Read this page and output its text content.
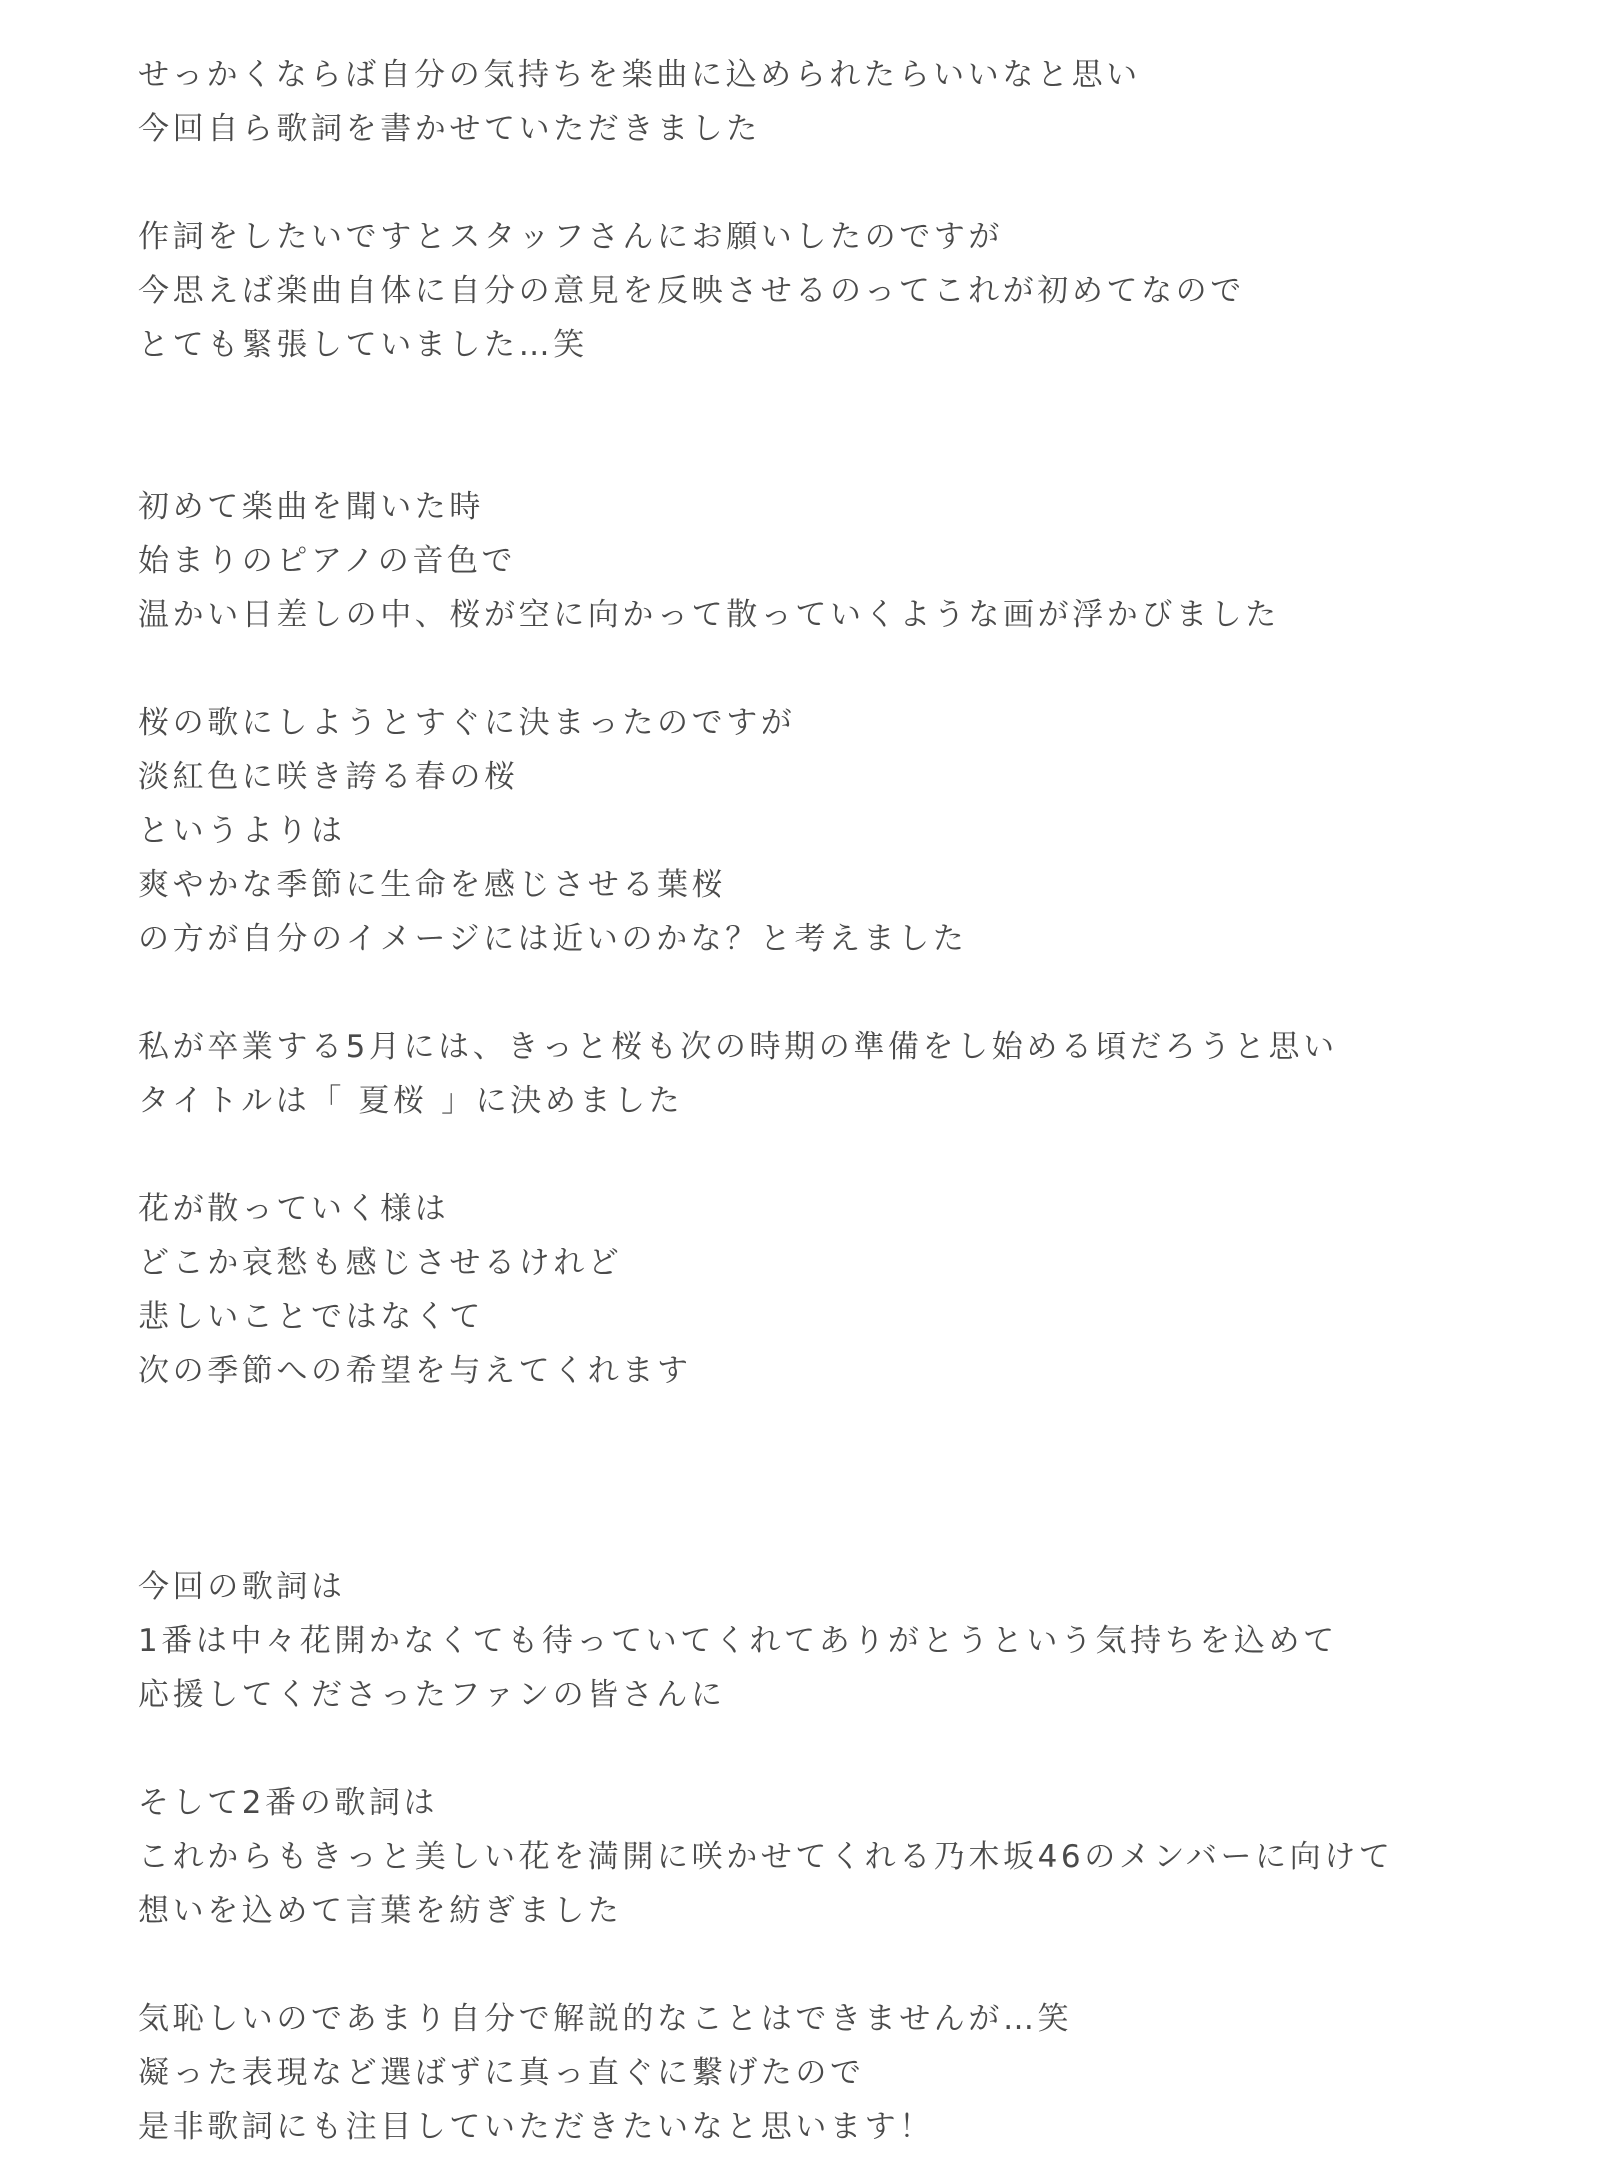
せっかくならば自分の気持ちを楽曲に込められたらいいなと思い
今回自ら歌詞を書かせていただきました
作詞をしたいですとスタッフさんにお願いしたのですが
今思えば楽曲自体に自分の意見を反映させるのってこれが初めてなので
とても緊張していました…笑
初めて楽曲を聞いた時
始まりのピアノの音色で
温かい日差しの中、桜が空に向かって散っていくような画が浮かびました
桜の歌にしようとすぐに決まったのですが
淡紅色に咲き誇る春の桜
というよりは
爽やかな季節に生命を感じさせる葉桜
の方が自分のイメージには近いのかな？と考えました
私が卒業する5月には、きっと桜も次の時期の準備をし始める頃だろうと思い
タイトルは「 夏桜 」に決めました
花が散っていく様は
どこか哀愁も感じさせるけれど
悲しいことではなくて
次の季節への希望を与えてくれます
今回の歌詞は
1番は中々花開かなくても待っていてくれてありがとうという気持ちを込めて
応援してくださったファンの皆さんに
そして2番の歌詞は
これからもきっと美しい花を満開に咲かせてくれる乃木坂46のメンバーに向けて
想いを込めて言葉を紡ぎました
気恥しいのであまり自分で解説的なことはできませんが…笑
凝った表現など選ばずに真っ直ぐに繋げたので
是非歌詞にも注目していただきたいなと思います！
